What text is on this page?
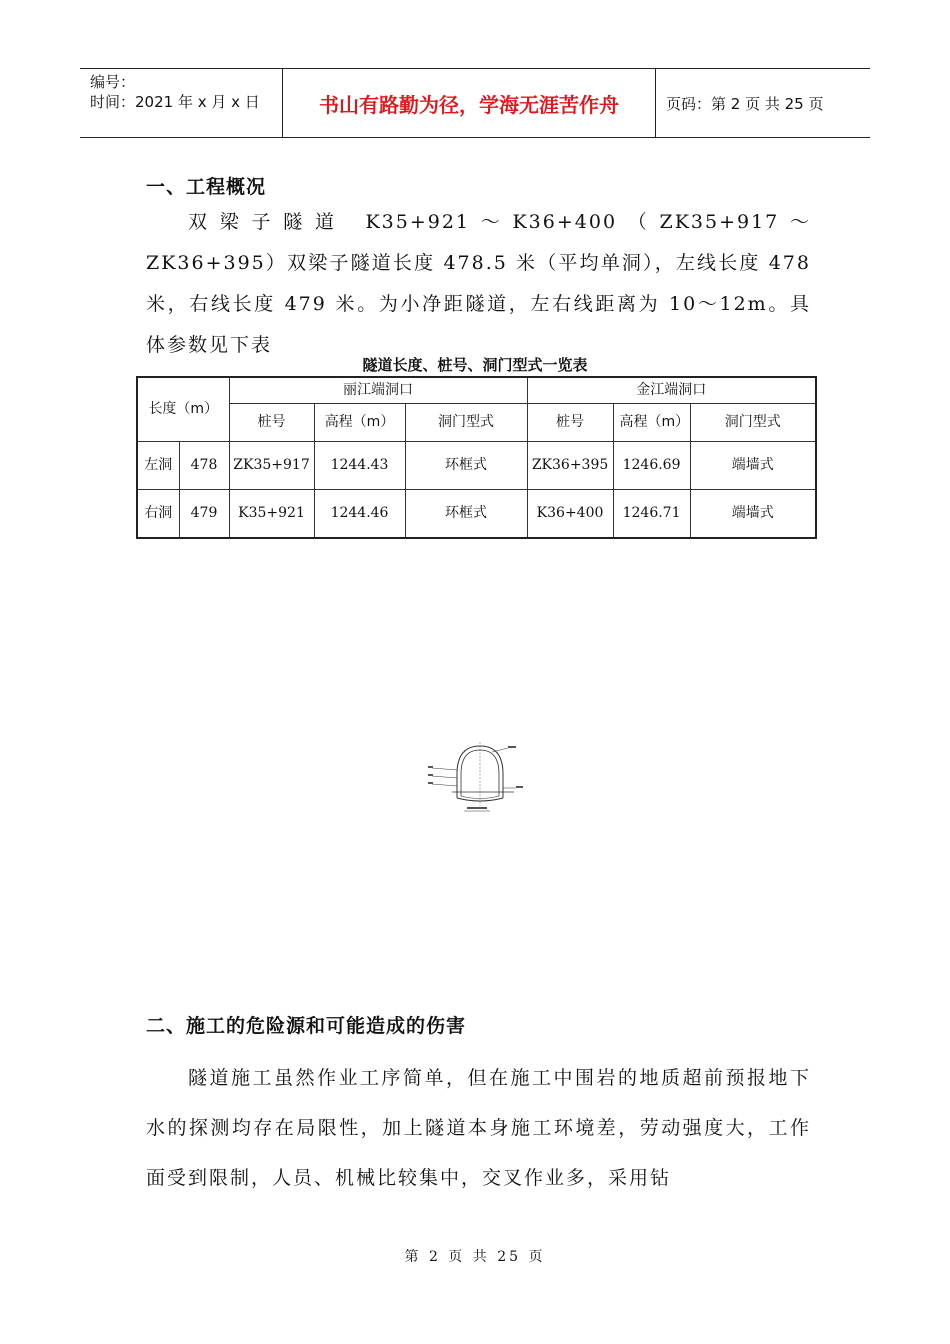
编号：
时间：2021 年 x 月 x 日	书山有路勤为径，学海无涯苦作舟	页码：第 2 页 共 25 页
一、工程概况

双梁子隧道 K35+921～K36+400（ZK35+917～ZK36+395）双梁子隧道长度 478.5 米（平均单洞），左线长度 478 米，右线长度 479 米。为小净距隧道，左右线距离为 10～12m。具体参数见下表

隧道长度、桩号、洞门型式一览表
长度（m）		丽江端洞口			金江端洞口		
		桩号	高程（m）	洞门型式	桩号	高程（m）	洞门型式
左洞	478	ZK35+917	1244.43	环框式	ZK36+395	1246.69	端墙式
右洞	479	K35+921	1244.46	环框式	K36+400	1246.71	端墙式
二、施工的危险源和可能造成的伤害

隧道施工虽然作业工序简单，但在施工中围岩的地质超前预报地下水的探测均存在局限性，加上隧道本身施工环境差，劳动强度大，工作面受到限制，人员、机械比较集中，交叉作业多，采用钻

第 2 页 共 25 页
